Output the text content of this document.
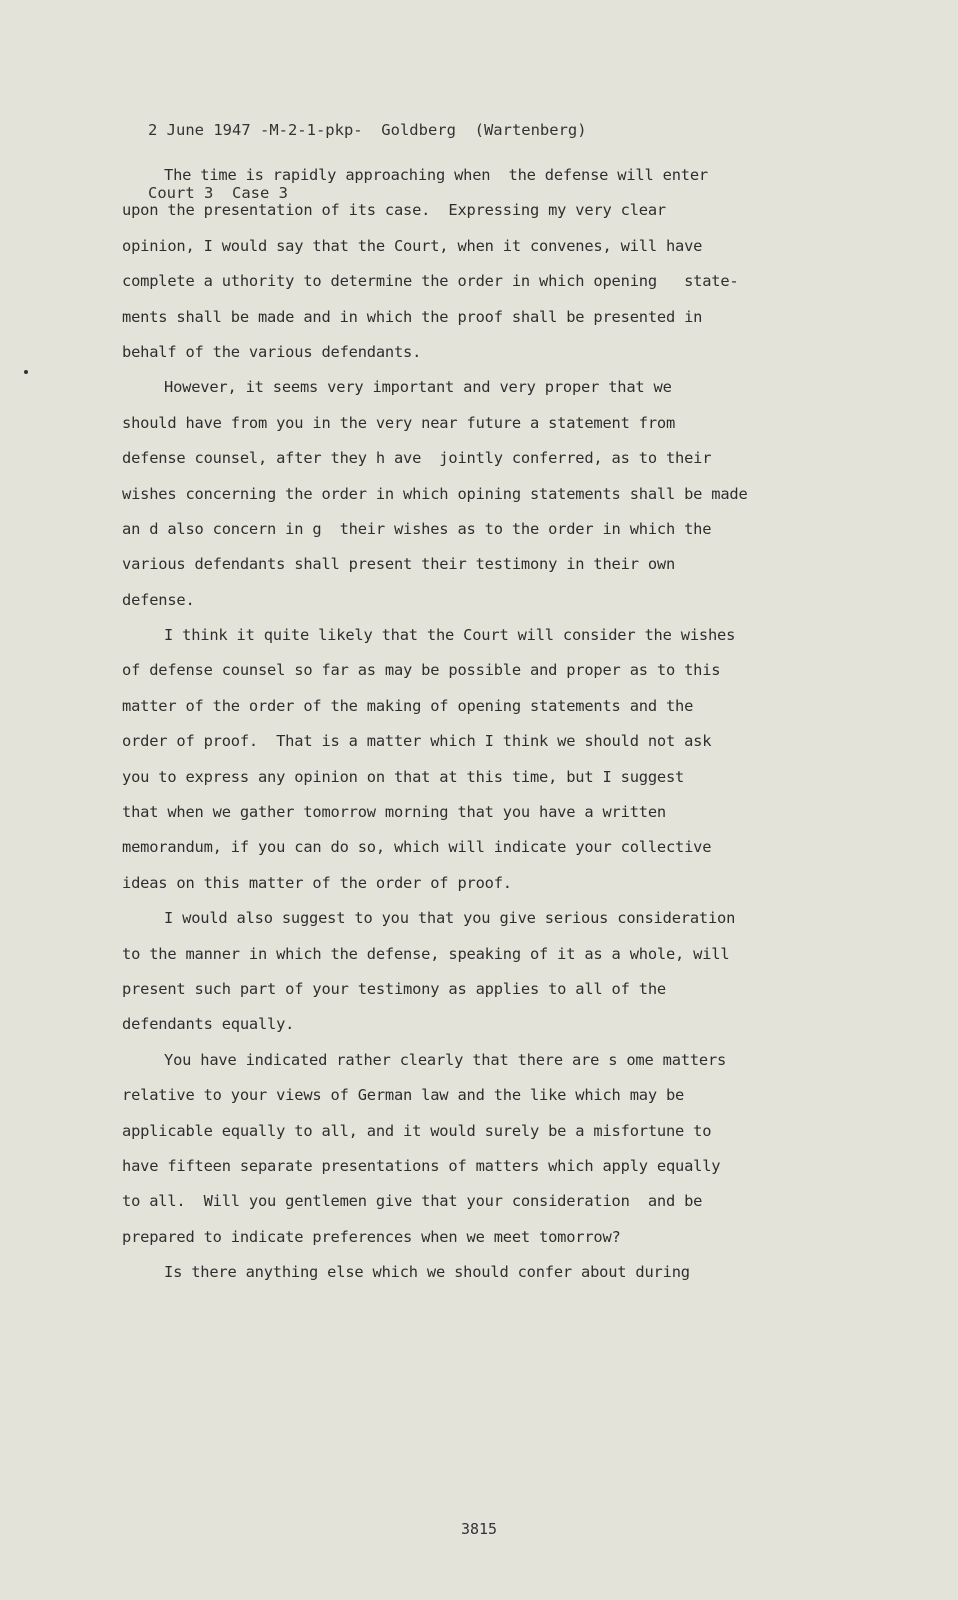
2 June 1947 -M-2-1-pkp-  Goldberg  (Wartenberg)

Court 3  Case 3

The time is rapidly approaching when  the defense will enter
upon the presentation of its case.  Expressing my very clear
opinion, I would say that the Court, when it convenes, will have
complete a uthority to determine the order in which opening   state-
ments shall be made and in which the proof shall be presented in
behalf of the various defendants.
However, it seems very important and very proper that we
should have from you in the very near future a statement from
defense counsel, after they h ave  jointly conferred, as to their
wishes concerning the order in which opining statements shall be made
an d also concern in g  their wishes as to the order in which the
various defendants shall present their testimony in their own
defense.
I think it quite likely that the Court will consider the wishes
of defense counsel so far as may be possible and proper as to this
matter of the order of the making of opening statements and the
order of proof.  That is a matter which I think we should not ask
you to express any opinion on that at this time, but I suggest
that when we gather tomorrow morning that you have a written
memorandum, if you can do so, which will indicate your collective
ideas on this matter of the order of proof.
I would also suggest to you that you give serious consideration
to the manner in which the defense, speaking of it as a whole, will
present such part of your testimony as applies to all of the
defendants equally.
You have indicated rather clearly that there are s ome matters
relative to your views of German law and the like which may be
applicable equally to all, and it would surely be a misfortune to
have fifteen separate presentations of matters which apply equally
to all.  Will you gentlemen give that your consideration  and be
prepared to indicate preferences when we meet tomorrow?
Is there anything else which we should confer about during
3815
